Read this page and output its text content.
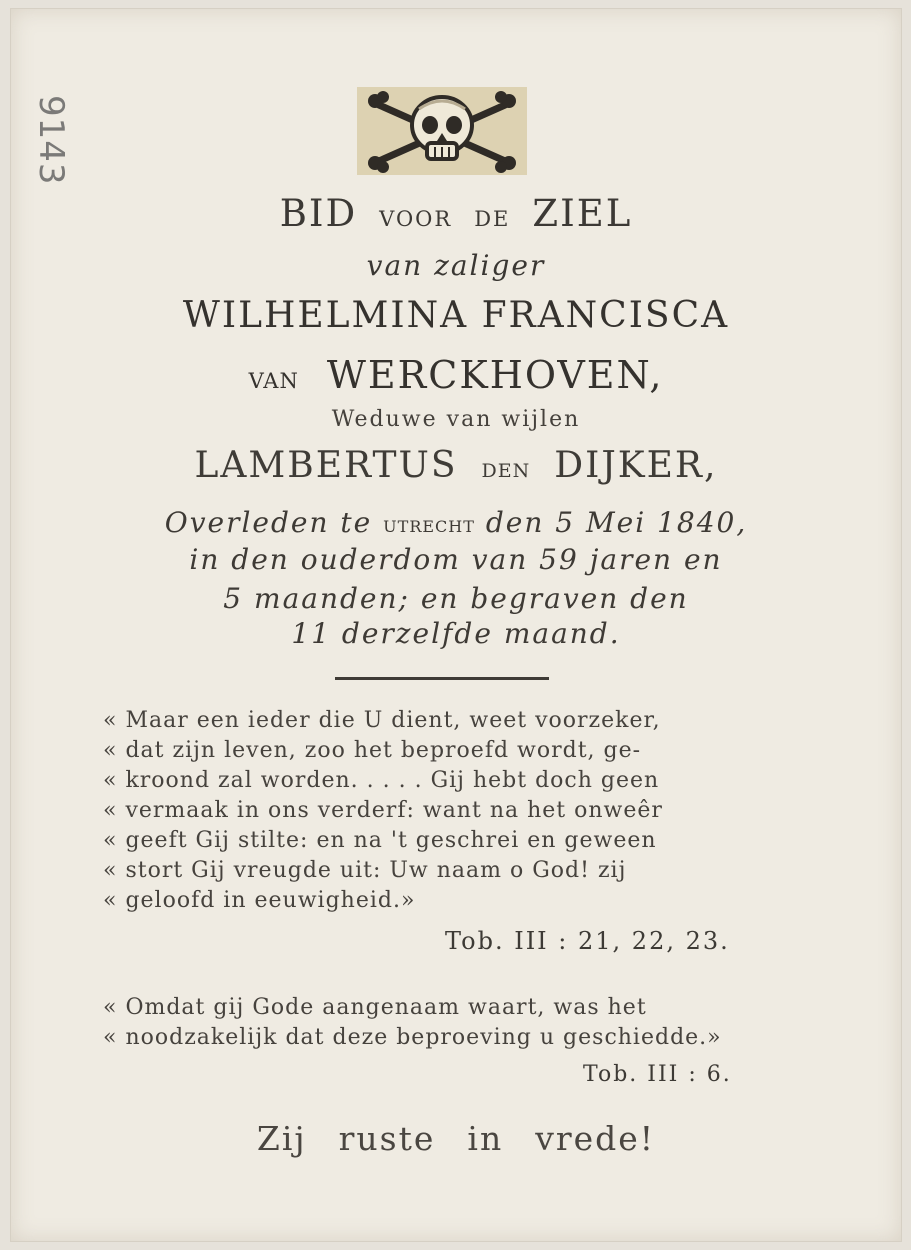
9143
BID VOOR DE ZIEL
van zaliger
WILHELMINA FRANCISCA
VAN WERCKHOVEN,
Weduwe van wijlen
LAMBERTUS DEN DIJKER,
Overleden te UTRECHT den 5 Mei 1840,
in den ouderdom van 59 jaren en
5 maanden; en begraven den
11 derzelfde maand.
« Maar een ieder die U dient, weet voorzeker,
« dat zijn leven, zoo het beproefd wordt, ge-
« kroond zal worden. . . . . Gij hebt doch geen
« vermaak in ons verderf: want na het onweêr
« geeft Gij stilte: en na 't geschrei en geween
« stort Gij vreugde uit: Uw naam o God! zij
« geloofd in eeuwigheid.»
Tob. III : 21, 22, 23.
« Omdat gij Gode aangenaam waart, was het
« noodzakelijk dat deze beproeving u geschiedde.»
Tob. III : 6.
Zij ruste in vrede!
